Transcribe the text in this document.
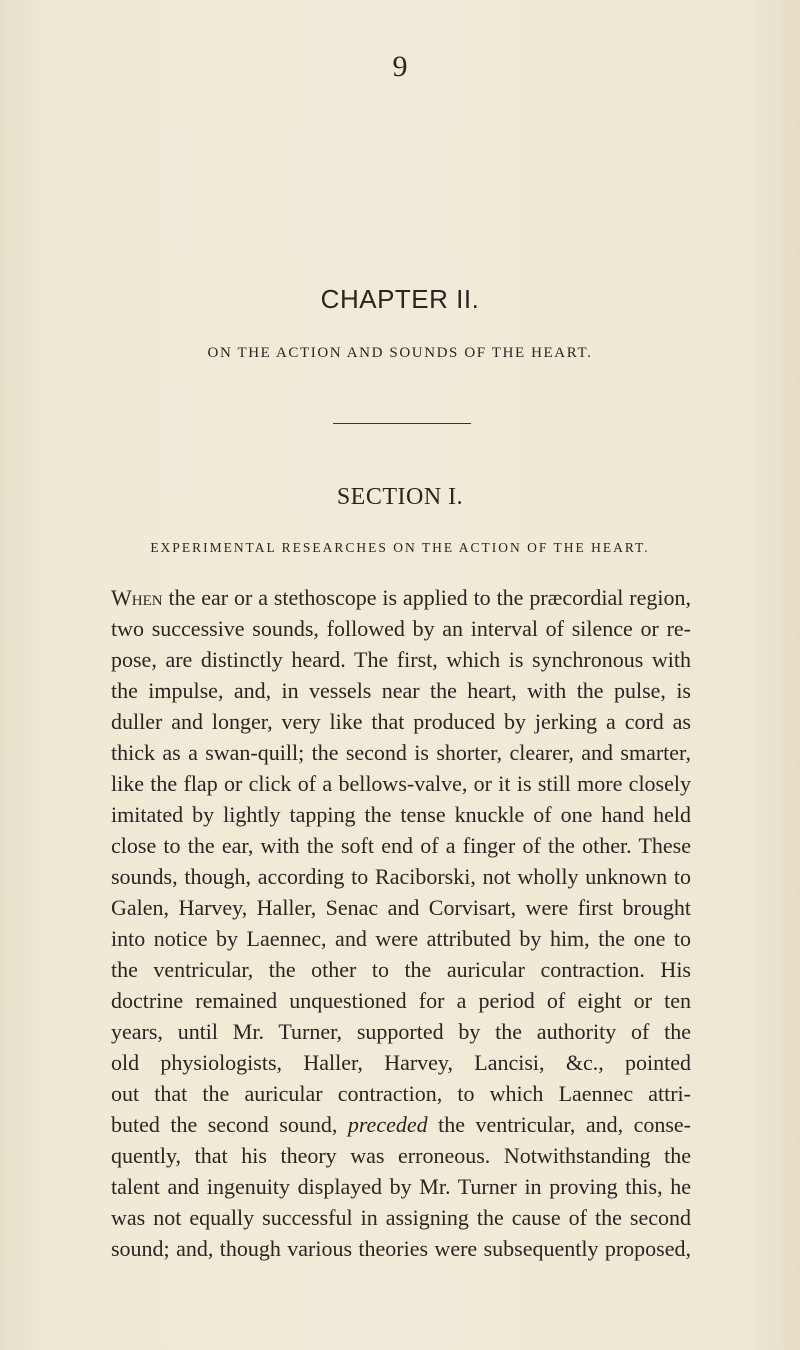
9
CHAPTER II.
ON THE ACTION AND SOUNDS OF THE HEART.
SECTION I.
EXPERIMENTAL RESEARCHES ON THE ACTION OF THE HEART.
When the ear or a stethoscope is applied to the præcordial region,
two successive sounds, followed by an interval of silence or re-
pose, are distinctly heard. The first, which is synchronous with
the impulse, and, in vessels near the heart, with the pulse, is
duller and longer, very like that produced by jerking a cord as
thick as a swan-quill; the second is shorter, clearer, and smarter,
like the flap or click of a bellows-valve, or it is still more closely
imitated by lightly tapping the tense knuckle of one hand held
close to the ear, with the soft end of a finger of the other. These
sounds, though, according to Raciborski, not wholly unknown to
Galen, Harvey, Haller, Senac and Corvisart, were first brought
into notice by Laennec, and were attributed by him, the one to
the ventricular, the other to the auricular contraction. His
doctrine remained unquestioned for a period of eight or ten
years, until Mr. Turner, supported by the authority of the
old physiologists, Haller, Harvey, Lancisi, &c., pointed
out that the auricular contraction, to which Laennec attri-
buted the second sound, preceded the ventricular, and, conse-
quently, that his theory was erroneous. Notwithstanding the
talent and ingenuity displayed by Mr. Turner in proving this, he
was not equally successful in assigning the cause of the second
sound; and, though various theories were subsequently proposed,
